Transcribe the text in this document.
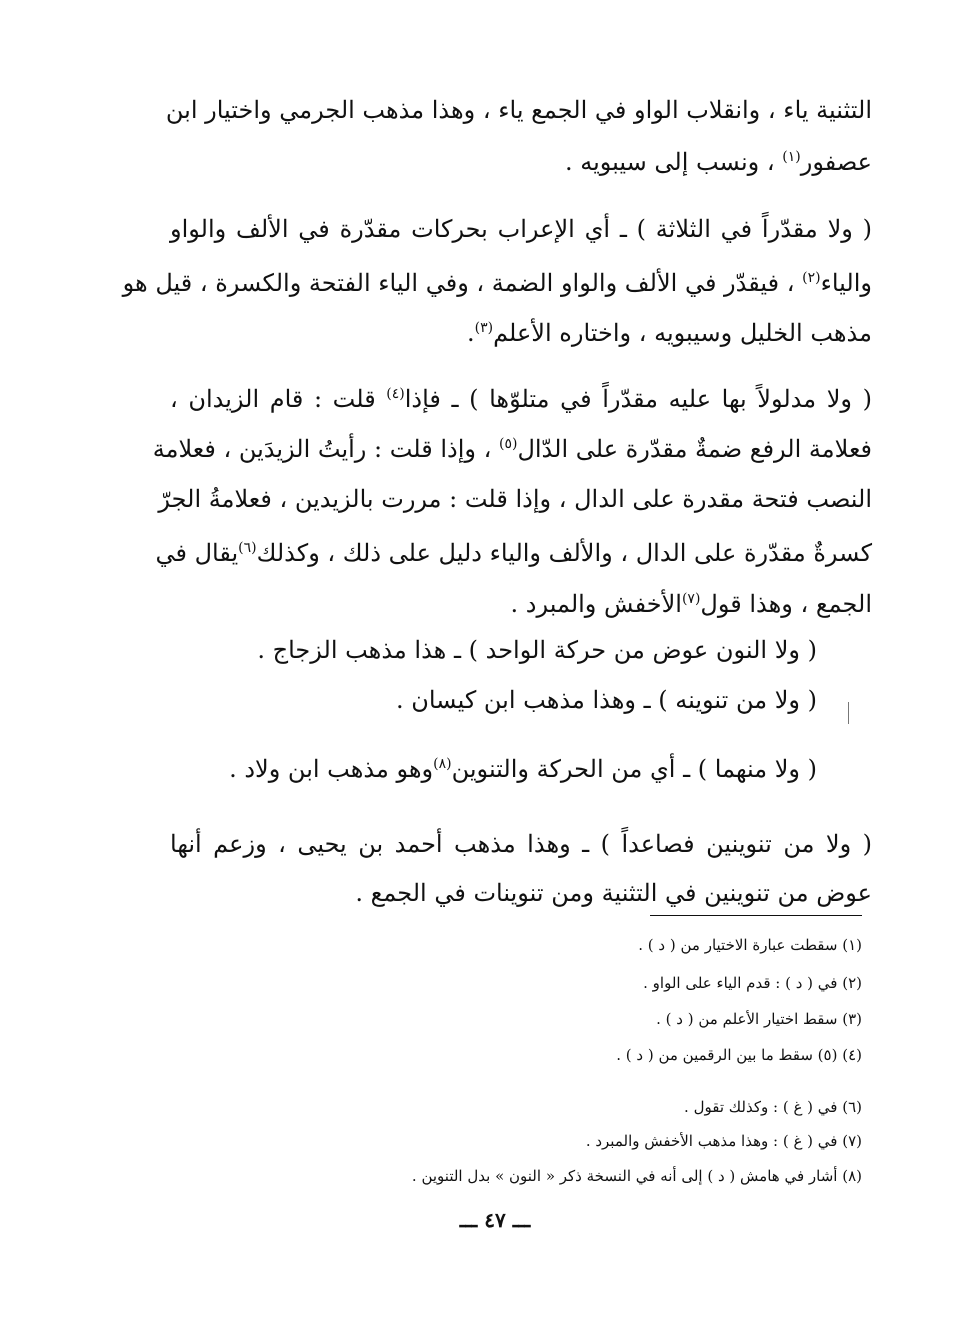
التثنية ياء ، وانقلاب الواو في الجمع ياء ، وهذا مذهب الجرمي واختيار ابن
عصفور$^{(١)}$ ، ونسب إلى سيبويه .
( ولا مقدّراً في الثلاثة ) ـ أي الإعراب بحركات مقدّرة في الألف والواو
والياء$^{(٢)}$ ، فيقدّر في الألف والواو الضمة ، وفي الياء الفتحة والكسرة ، قيل هو
مذهب الخليل وسيبويه ، واختاره الأعلم$^{(٣)}$.
( ولا مدلولاً بها عليه مقدّراً في متلوّها ) ـ فإذا$^{(٤)}$ قلت : قام الزيدان ،
فعلامة الرفع ضمةٌ مقدّرة على الدّال$^{(٥)}$ ، وإذا قلت : رأيتُ الزيدَين ، فعلامة
النصب فتحة مقدرة على الدال ، وإذا قلت : مررت بالزيدين ، فعلامةُ الجرّ
كسرةٌ مقدّرة على الدال ، والألف والياء دليل على ذلك ، وكذلك$^{(٦)}$يقال في
الجمع ، وهذا قول$^{(٧)}$الأخفش والمبرد .
( ولا النون عوض من حركة الواحد ) ـ هذا مذهب الزجاج .
( ولا من تنوينه ) ـ وهذا مذهب ابن كيسان .
( ولا منهما ) ـ أي من الحركة والتنوين$^{(٨)}$وهو مذهب ابن ولاد .
( ولا من تنوينين فصاعداً ) ـ وهذا مذهب أحمد بن يحيى ، وزعم أنها
عوض من تنوينين في التثنية ومن تنوينات في الجمع .
(١) سقطت عبارة الاختيار من ( د ) .
(٢) في ( د ) : قدم الياء على الواو .
(٣) سقط اختيار الأعلم من ( د ) .
(٤) (٥) سقط ما بين الرقمين من ( د ) .
(٦) في ( غ ) : وكذلك تقول .
(٧) في ( غ ) : وهذا مذهب الأخفش والمبرد .
(٨) أشار في هامش ( د ) إلى أنه في النسخة ذكر « النون » بدل التنوين .
ـــ ٤٧ ـــ
